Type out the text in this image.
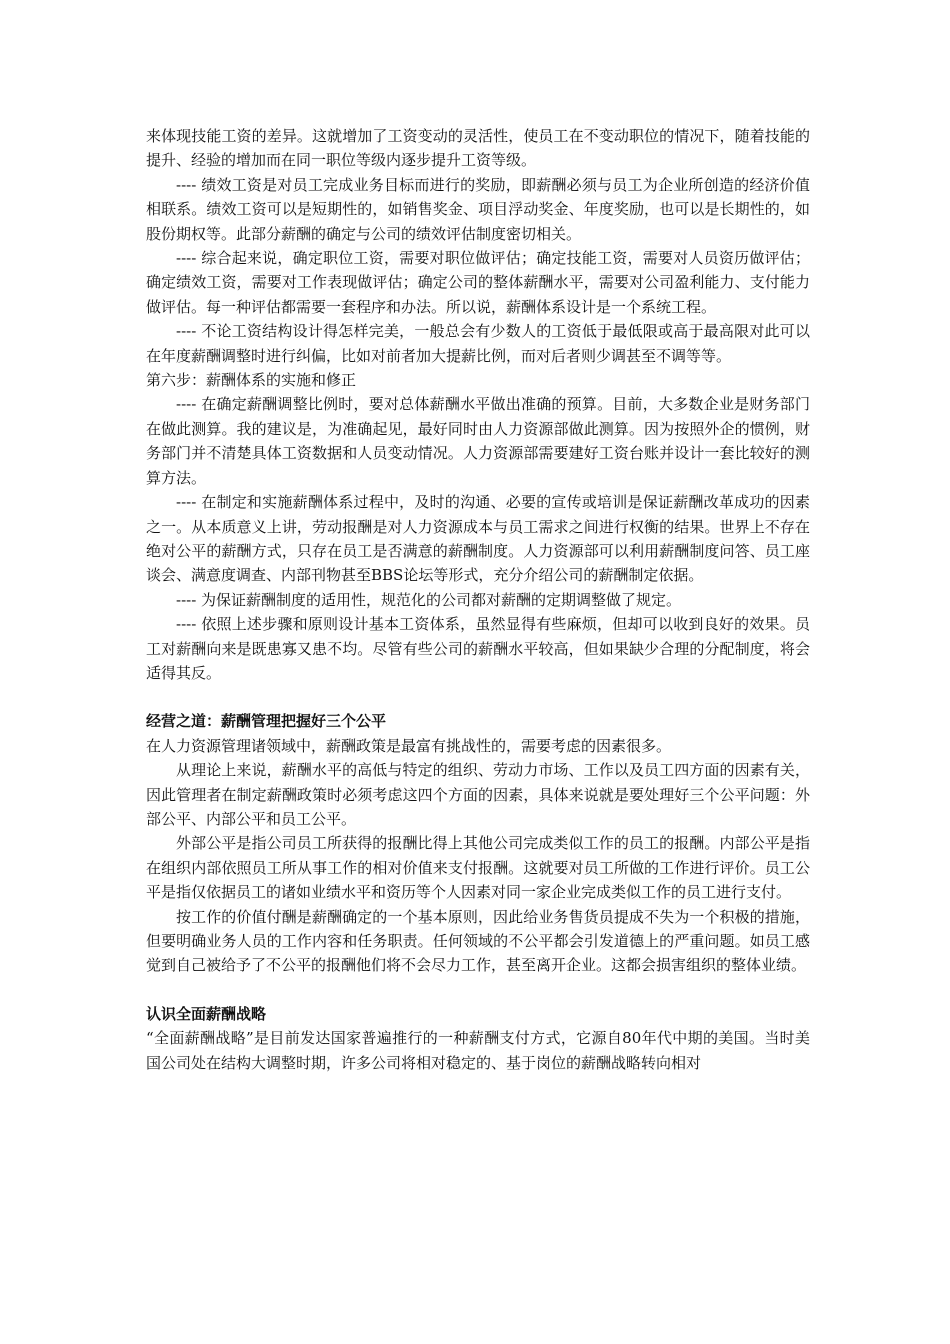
来体现技能工资的差异。这就增加了工资变动的灵活性，使员工在不变动职位的情况下，随着技能的提升、经验的增加而在同一职位等级内逐步提升工资等级。

---- 绩效工资是对员工完成业务目标而进行的奖励，即薪酬必须与员工为企业所创造的经济价值相联系。绩效工资可以是短期性的，如销售奖金、项目浮动奖金、年度奖励，也可以是长期性的，如股份期权等。此部分薪酬的确定与公司的绩效评估制度密切相关。

---- 综合起来说，确定职位工资，需要对职位做评估；确定技能工资，需要对人员资历做评估；确定绩效工资，需要对工作表现做评估；确定公司的整体薪酬水平，需要对公司盈利能力、支付能力做评估。每一种评估都需要一套程序和办法。所以说，薪酬体系设计是一个系统工程。

---- 不论工资结构设计得怎样完美，一般总会有少数人的工资低于最低限或高于最高限对此可以在年度薪酬调整时进行纠偏，比如对前者加大提薪比例，而对后者则少调甚至不调等等。

第六步：薪酬体系的实施和修正

---- 在确定薪酬调整比例时，要对总体薪酬水平做出准确的预算。目前，大多数企业是财务部门在做此测算。我的建议是，为准确起见，最好同时由人力资源部做此测算。因为按照外企的惯例，财务部门并不清楚具体工资数据和人员变动情况。人力资源部需要建好工资台账并设计一套比较好的测算方法。

---- 在制定和实施薪酬体系过程中，及时的沟通、必要的宣传或培训是保证薪酬改革成功的因素之一。从本质意义上讲，劳动报酬是对人力资源成本与员工需求之间进行权衡的结果。世界上不存在绝对公平的薪酬方式，只存在员工是否满意的薪酬制度。人力资源部可以利用薪酬制度问答、员工座谈会、满意度调查、内部刊物甚至BBS论坛等形式，充分介绍公司的薪酬制定依据。

---- 为保证薪酬制度的适用性，规范化的公司都对薪酬的定期调整做了规定。

---- 依照上述步骤和原则设计基本工资体系，虽然显得有些麻烦，但却可以收到良好的效果。员工对薪酬向来是既患寡又患不均。尽管有些公司的薪酬水平较高，但如果缺少合理的分配制度，将会适得其反。

经营之道：薪酬管理把握好三个公平

在人力资源管理诸领域中，薪酬政策是最富有挑战性的，需要考虑的因素很多。

从理论上来说，薪酬水平的高低与特定的组织、劳动力市场、工作以及员工四方面的因素有关，因此管理者在制定薪酬政策时必须考虑这四个方面的因素，具体来说就是要处理好三个公平问题：外部公平、内部公平和员工公平。

外部公平是指公司员工所获得的报酬比得上其他公司完成类似工作的员工的报酬。内部公平是指在组织内部依照员工所从事工作的相对价值来支付报酬。这就要对员工所做的工作进行评价。员工公平是指仅依据员工的诸如业绩水平和资历等个人因素对同一家企业完成类似工作的员工进行支付。

按工作的价值付酬是薪酬确定的一个基本原则，因此给业务售货员提成不失为一个积极的措施，但要明确业务人员的工作内容和任务职责。任何领域的不公平都会引发道德上的严重问题。如员工感觉到自己被给予了不公平的报酬他们将不会尽力工作，甚至离开企业。这都会损害组织的整体业绩。

认识全面薪酬战略

“全面薪酬战略”是目前发达国家普遍推行的一种薪酬支付方式，它源自80年代中期的美国。当时美国公司处在结构大调整时期，许多公司将相对稳定的、基于岗位的薪酬战略转向相对
